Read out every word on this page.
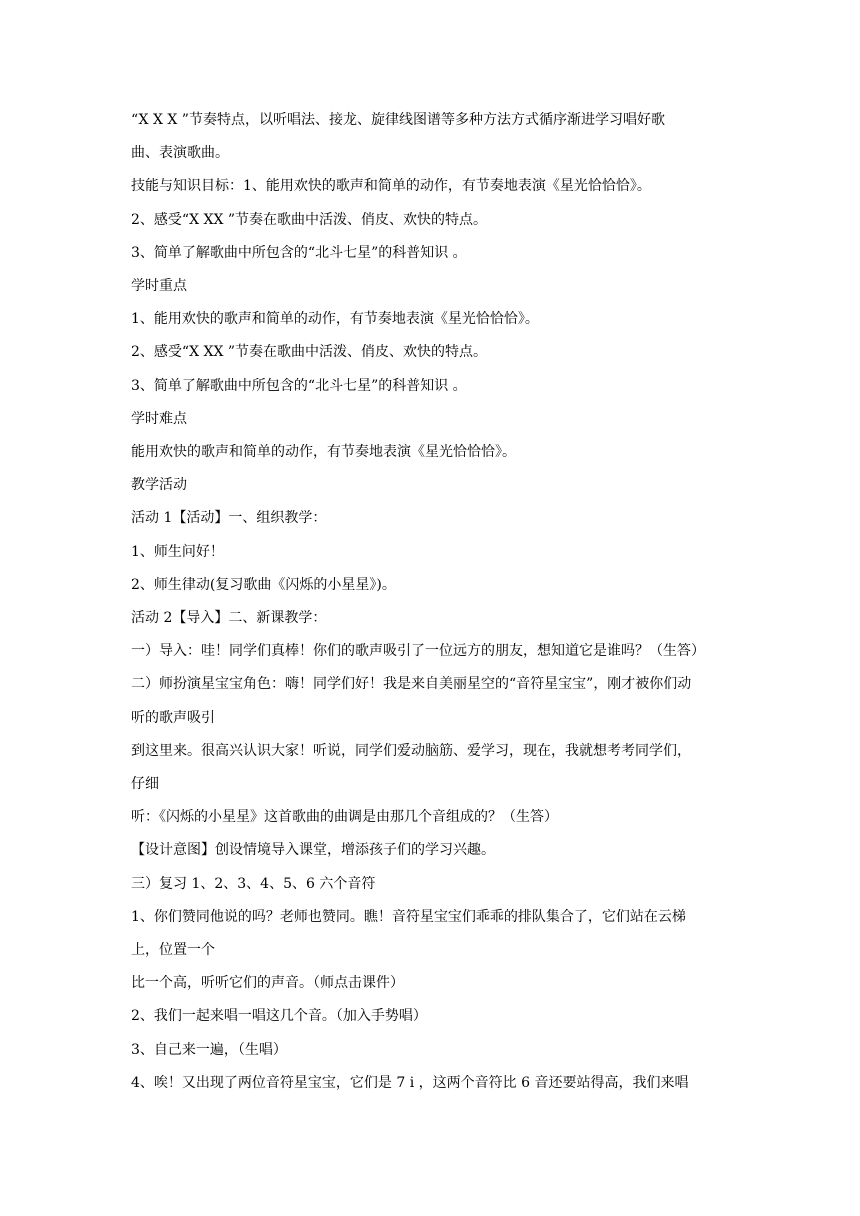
“X X X ”节奏特点，以听唱法、接龙、旋律线图谱等多种方法方式循序渐进学习唱好歌
曲、表演歌曲。
技能与知识目标：1、能用欢快的歌声和简单的动作，有节奏地表演《星光恰恰恰》。
2、感受“X XX ”节奏在歌曲中活泼、俏皮、欢快的特点。
3、简单了解歌曲中所包含的“北斗七星”的科普知识 。
学时重点
1、能用欢快的歌声和简单的动作，有节奏地表演《星光恰恰恰》。
2、感受“X XX ”节奏在歌曲中活泼、俏皮、欢快的特点。
3、简单了解歌曲中所包含的“北斗七星”的科普知识 。
学时难点
能用欢快的歌声和简单的动作，有节奏地表演《星光恰恰恰》。
教学活动
活动 1【活动】一、组织教学：
1、师生问好！
2、师生律动(复习歌曲《闪烁的小星星》)。
活动 2【导入】二、新课教学：
一）导入：哇！同学们真棒！你们的歌声吸引了一位远方的朋友，想知道它是谁吗？（生答）
二）师扮演星宝宝角色：嗨！同学们好！我是来自美丽星空的“音符星宝宝”，刚才被你们动
听的歌声吸引
到这里来。很高兴认识大家！听说，同学们爱动脑筋、爱学习，现在，我就想考考同学们，
仔细
听：《闪烁的小星星》这首歌曲的曲调是由那几个音组成的？（生答）
【设计意图】创设情境导入课堂，增添孩子们的学习兴趣。
三）复习 1、2、3、4、5、6 六个音符
1、你们赞同他说的吗？老师也赞同。瞧！音符星宝宝们乖乖的排队集合了，它们站在云梯
上，位置一个
比一个高，听听它们的声音。（师点击课件）
2、我们一起来唱一唱这几个音。（加入手势唱）
3、自己来一遍，（生唱）
4、唉！又出现了两位音符星宝宝，它们是 7 i ，这两个音符比 6 音还要站得高，我们来唱
